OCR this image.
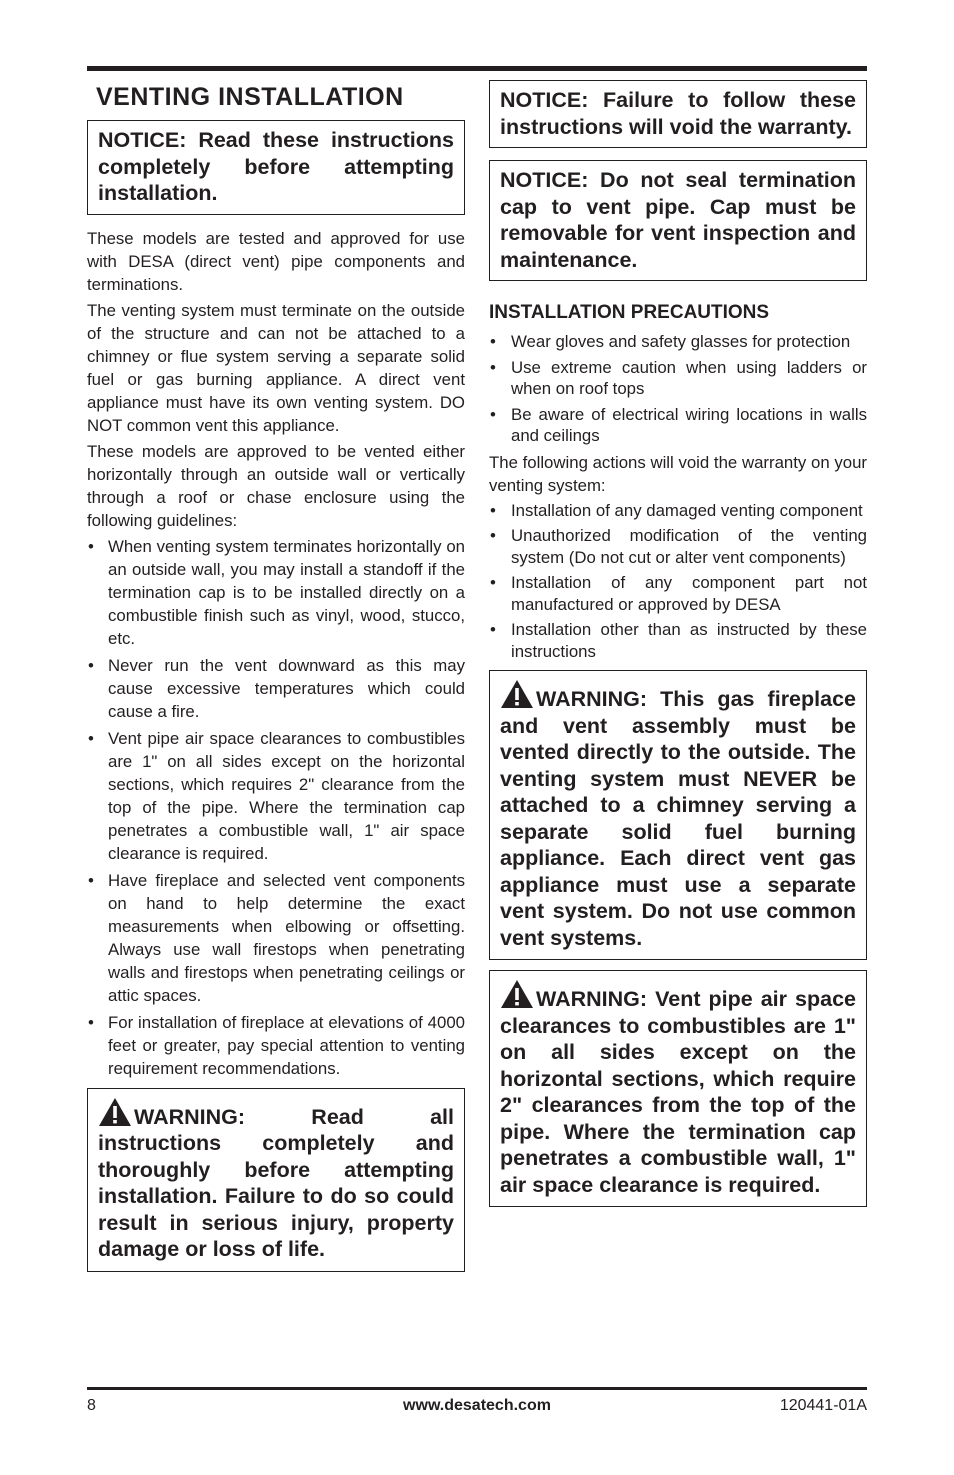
VENTING INSTALLATION
NOTICE: Read these instructions completely before attempting installation.

These models are tested and approved for use with DESA (direct vent) pipe components and terminations.

The venting system must terminate on the outside of the structure and can not be attached to a chimney or flue system serving a separate solid fuel or gas burning appliance. A direct vent appliance must have its own venting system. DO NOT common vent this appliance.

These models are approved to be vented either horizontally through an outside wall or vertically through a roof or chase enclosure using the following guidelines:

• When venting system terminates horizontally on an outside wall, you may install a standoff if the termination cap is to be installed directly on a combustible finish such as vinyl, wood, stucco, etc.
• Never run the vent downward as this may cause excessive temperatures which could cause a fire.
• Vent pipe air space clearances to combustibles are 1" on all sides except on the horizontal sections, which requires 2" clearance from the top of the pipe. Where the termination cap penetrates a combustible wall, 1" air space clearance is required.
• Have fireplace and selected vent components on hand to help determine the exact measurements when elbowing or offsetting. Always use wall firestops when penetrating walls and firestops when penetrating ceilings or attic spaces.
• For installation of fireplace at elevations of 4000 feet or greater, pay special attention to venting requirement recommendations.
WARNING: Read all instructions completely and thoroughly before attempting installation. Failure to do so could result in serious injury, property damage or loss of life.
NOTICE: Failure to follow these instructions will void the warranty.
NOTICE: Do not seal termination cap to vent pipe. Cap must be removable for vent inspection and maintenance.
INSTALLATION PRECAUTIONS
• Wear gloves and safety glasses for protection
• Use extreme caution when using ladders or when on roof tops
• Be aware of electrical wiring locations in walls and ceilings

The following actions will void the warranty on your venting system:

• Installation of any damaged venting component
• Unauthorized modification of the venting system (Do not cut or alter vent components)
• Installation of any component part not manufactured or approved by DESA
• Installation other than as instructed by these instructions
WARNING: This gas fireplace and vent assembly must be vented directly to the outside. The venting system must NEVER be attached to a chimney serving a separate solid fuel burning appliance. Each direct vent gas appliance must use a separate vent system. Do not use common vent systems.
WARNING: Vent pipe air space clearances to combustibles are 1" on all sides except on the horizontal sections, which require 2" clearances from the top of the pipe. Where the termination cap penetrates a combustible wall, 1" air space clearance is required.
www.desatech.com
8	120441-01A
